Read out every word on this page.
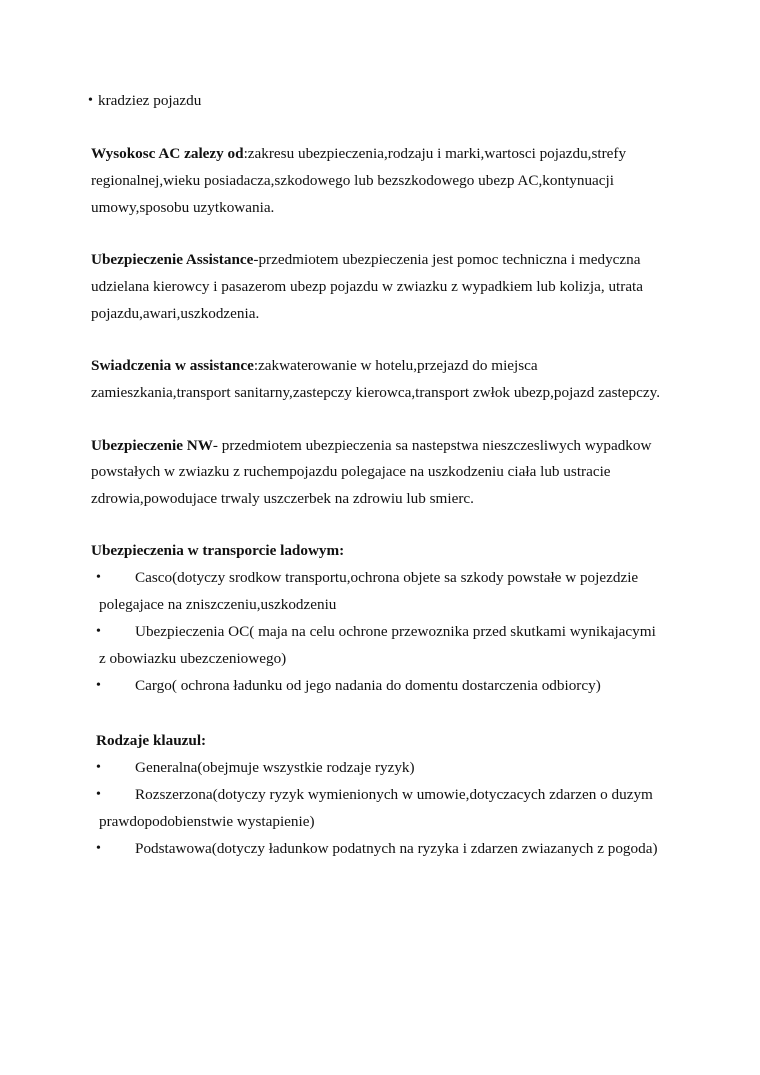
• kradziez pojazdu
Wysokosc AC zalezy od:zakresu ubezpieczenia,rodzaju i marki,wartosci pojazdu,strefy
regionalnej,wieku posiadacza,szkodowego lub bezszkodowego ubezp AC,kontynuacji
umowy,sposobu uzytkowania.
Ubezpieczenie Assistance-przedmiotem ubezpieczenia jest pomoc techniczna i medyczna
udzielana kierowcy i pasazerom ubezp pojazdu w zwiazku z wypadkiem lub kolizja, utrata
pojazdu,awari,uszkodzenia.
Swiadczenia w assistance:zakwaterowanie w hotelu,przejazd do miejsca
zamieszkania,transport sanitarny,zastepczy kierowca,transport zwłok ubezp,pojazd zastepczy.
Ubezpieczenie NW- przedmiotem ubezpieczenia sa nastepstwa nieszczesliwych wypadkow
powstałych w zwiazku z ruchempojazdu polegajace na uszkodzeniu ciała lub ustracie
zdrowia,powodujace trwaly uszczerbek na zdrowiu lub smierc.
Ubezpieczenia w transporcie ladowym:
• Casco(dotyczy srodkow transportu,ochrona objete sa szkody powstałe w pojezdzie
polegajace na zniszczeniu,uszkodzeniu
• Ubezpieczenia OC( maja na celu ochrone przewoznika przed skutkami wynikajacymi
z obowiazku ubezczeniowego)
• Cargo( ochrona ładunku od jego nadania do domentu dostarczenia odbiorcy)
Rodzaje klauzul:
• Generalna(obejmuje wszystkie rodzaje ryzyk)
• Rozszerzona(dotyczy ryzyk wymienionych w umowie,dotyczacych zdarzen o duzym
prawdopodobienstwie wystapienie)
• Podstawowa(dotyczy ładunkow podatnych na ryzyka i zdarzen zwiazanych z pogoda)
